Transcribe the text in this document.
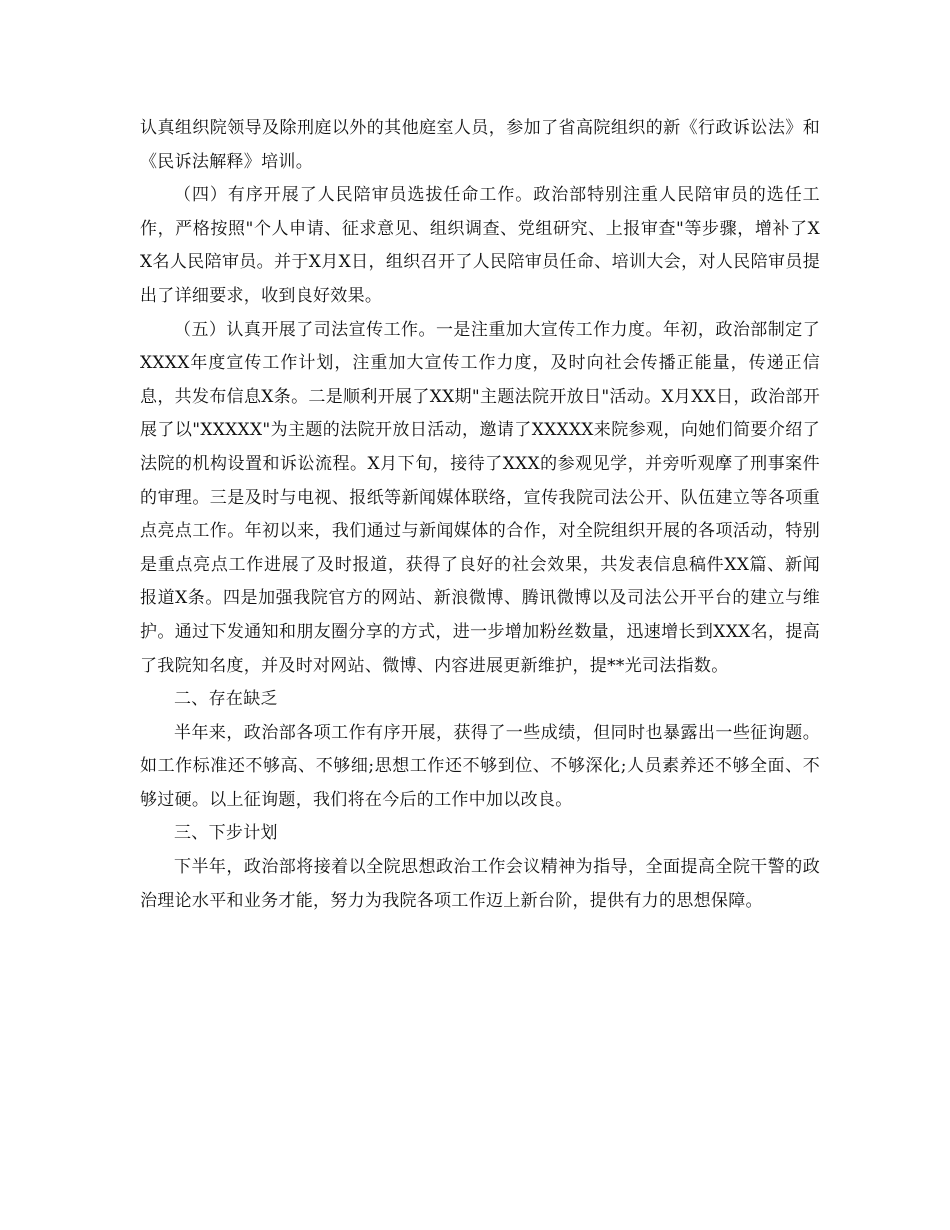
认真组织院领导及除刑庭以外的其他庭室人员，参加了省高院组织的新《行政诉讼法》和《民诉法解释》培训。

（四）有序开展了人民陪审员选拔任命工作。政治部特别注重人民陪审员的选任工作，严格按照"个人申请、征求意见、组织调查、党组研究、上报审查"等步骤，增补了XX名人民陪审员。并于X月X日，组织召开了人民陪审员任命、培训大会，对人民陪审员提出了详细要求，收到良好效果。

（五）认真开展了司法宣传工作。一是注重加大宣传工作力度。年初，政治部制定了XXXX年度宣传工作计划，注重加大宣传工作力度，及时向社会传播正能量，传递正信息，共发布信息X条。二是顺利开展了XX期"主题法院开放日"活动。X月XX日，政治部开展了以"XXXXX"为主题的法院开放日活动，邀请了XXXXX来院参观，向她们简要介绍了法院的机构设置和诉讼流程。X月下旬，接待了XXX的参观见学，并旁听观摩了刑事案件的审理。三是及时与电视、报纸等新闻媒体联络，宣传我院司法公开、队伍建立等各项重点亮点工作。年初以来，我们通过与新闻媒体的合作，对全院组织开展的各项活动，特别是重点亮点工作进展了及时报道，获得了良好的社会效果，共发表信息稿件XX篇、新闻报道X条。四是加强我院官方的网站、新浪微博、腾讯微博以及司法公开平台的建立与维护。通过下发通知和朋友圈分享的方式，进一步增加粉丝数量，迅速增长到XXX名，提高了我院知名度，并及时对网站、微博、内容进展更新维护，提**光司法指数。

二、存在缺乏

半年来，政治部各项工作有序开展，获得了一些成绩，但同时也暴露出一些征询题。如工作标准还不够高、不够细;思想工作还不够到位、不够深化;人员素养还不够全面、不够过硬。以上征询题，我们将在今后的工作中加以改良。

三、下步计划

下半年，政治部将接着以全院思想政治工作会议精神为指导，全面提高全院干警的政治理论水平和业务才能，努力为我院各项工作迈上新台阶，提供有力的思想保障。
